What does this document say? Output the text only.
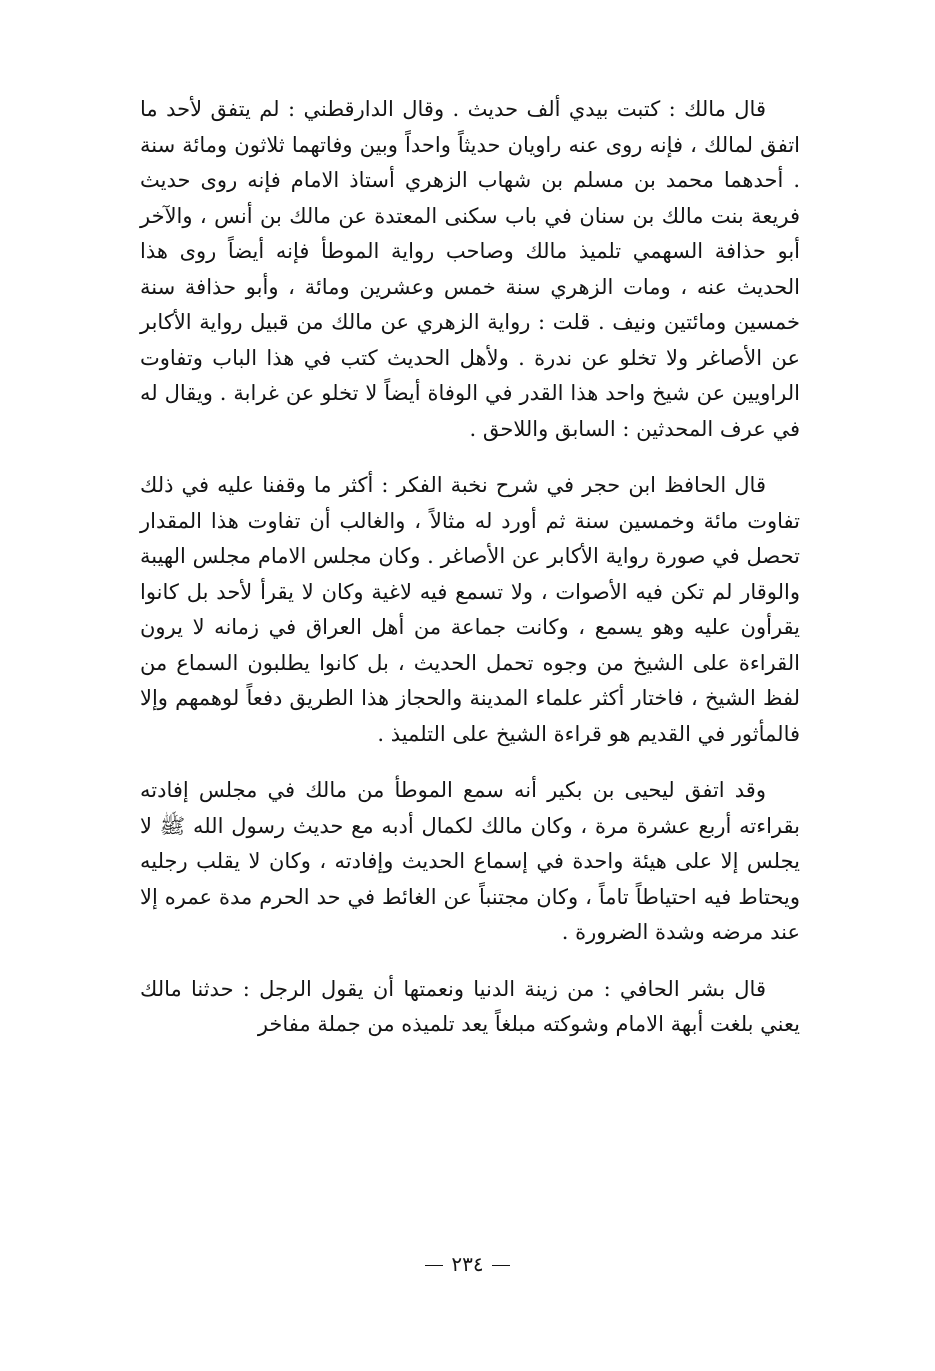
قال مالك : كتبت بيدي ألف حديث . وقال الدارقطني : لم يتفق لأحد ما اتفق لمالك ، فإنه روى عنه راويان حديثاً واحداً وبين وفاتهما ثلاثون ومائة سنة . أحدهما محمد بن مسلم بن شهاب الزهري أستاذ الامام فإنه روى حديث فريعة بنت مالك بن سنان في باب سكنى المعتدة عن مالك بن أنس ، والآخر أبو حذافة السهمي تلميذ مالك وصاحب رواية الموطأ فإنه أيضاً روى هذا الحديث عنه ، ومات الزهري سنة خمس وعشرين ومائة ، وأبو حذافة سنة خمسين ومائتين ونيف . قلت : رواية الزهري عن مالك من قبيل رواية الأكابر عن الأصاغر ولا تخلو عن ندرة . ولأهل الحديث كتب في هذا الباب وتفاوت الراويين عن شيخ واحد هذا القدر في الوفاة أيضاً لا تخلو عن غرابة . ويقال له في عرف المحدثين : السابق واللاحق .

قال الحافظ ابن حجر في شرح نخبة الفكر : أكثر ما وقفنا عليه في ذلك تفاوت مائة وخمسين سنة ثم أورد له مثالاً ، والغالب أن تفاوت هذا المقدار تحصل في صورة رواية الأكابر عن الأصاغر . وكان مجلس الامام مجلس الهيبة والوقار لم تكن فيه الأصوات ، ولا تسمع فيه لاغية وكان لا يقرأ لأحد بل كانوا يقرأون عليه وهو يسمع ، وكانت جماعة من أهل العراق في زمانه لا يرون القراءة على الشيخ من وجوه تحمل الحديث ، بل كانوا يطلبون السماع من لفظ الشيخ ، فاختار أكثر علماء المدينة والحجاز هذا الطريق دفعاً لوهمهم وإلا فالمأثور في القديم هو قراءة الشيخ على التلميذ .

وقد اتفق ليحيى بن بكير أنه سمع الموطأ من مالك في مجلس إفادته بقراءته أربع عشرة مرة ، وكان مالك لكمال أدبه مع حديث رسول الله ﷺ لا يجلس إلا على هيئة واحدة في إسماع الحديث وإفادته ، وكان لا يقلب رجليه ويحتاط فيه احتياطاً تاماً ، وكان مجتنباً عن الغائط في حد الحرم مدة عمره إلا عند مرضه وشدة الضرورة .

قال بشر الحافي : من زينة الدنيا ونعمتها أن يقول الرجل : حدثنا مالك يعني بلغت أبهة الامام وشوكته مبلغاً يعد تلميذه من جملة مفاخر

٢٣٤
